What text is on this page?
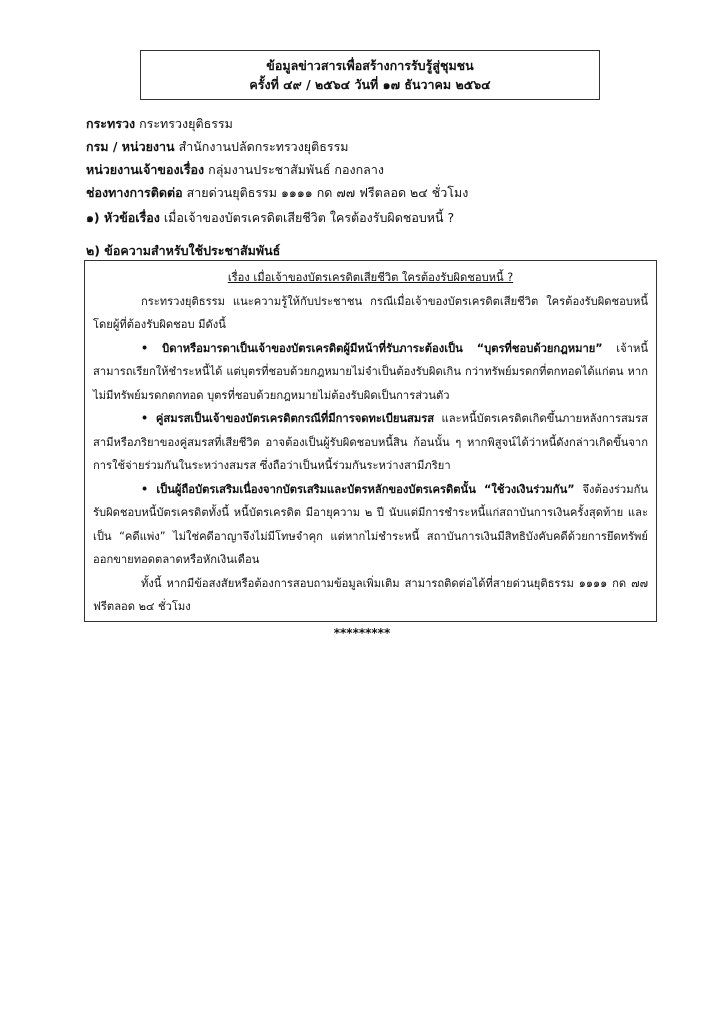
ข้อมูลข่าวสารเพื่อสร้างการรับรู้สู่ชุมชน
ครั้งที่ ๔๙ / ๒๕๖๔ วันที่ ๑๗ ธันวาคม ๒๕๖๔
กระทรวง กระทรวงยุติธรรม
กรม / หน่วยงาน สำนักงานปลัดกระทรวงยุติธรรม
หน่วยงานเจ้าของเรื่อง กลุ่มงานประชาสัมพันธ์ กองกลาง
ช่องทางการติดต่อ สายด่วนยุติธรรม ๑๑๑๑ กด ๗๗ ฟรีตลอด ๒๔ ชั่วโมง
๑) หัวข้อเรื่อง เมื่อเจ้าของบัตรเครดิตเสียชีวิต ใครต้องรับผิดชอบหนี้ ?
๒) ข้อความสำหรับใช้ประชาสัมพันธ์
เรื่อง เมื่อเจ้าของบัตรเครดิตเสียชีวิต ใครต้องรับผิดชอบหนี้ ?

กระทรวงยุติธรรม แนะความรู้ให้กับประชาชน กรณีเมื่อเจ้าของบัตรเครดิตเสียชีวิต ใครต้องรับผิดชอบหนี้ โดยผู้ที่ต้องรับผิดชอบ มีดังนี้

• บิดาหรือมารดาเป็นเจ้าของบัตรเครดิตผู้มีหน้าที่รับภาระต้องเป็น “บุตรที่ชอบด้วยกฎหมาย” เจ้าหนี้สามารถเรียกให้ชำระหนี้ได้ แต่บุตรที่ชอบด้วยกฎหมายไม่จำเป็นต้องรับผิดเกิน กว่าทรัพย์มรดกที่ตกทอดได้แก่ตน หากไม่มีทรัพย์มรดกตกทอด บุตรที่ชอบด้วยกฎหมายไม่ต้องรับผิดเป็นการส่วนตัว

• คู่สมรสเป็นเจ้าของบัตรเครดิตกรณีที่มีการจดทะเบียนสมรส และหนี้บัตรเครดิตเกิดขึ้นภายหลังการสมรส สามีหรือภริยาของคู่สมรสที่เสียชีวิต อาจต้องเป็นผู้รับผิดชอบหนี้สิน ก้อนนั้น ๆ หากพิสูจน์ได้ว่าหนี้ดังกล่าวเกิดขึ้นจากการใช้จ่ายร่วมกันในระหว่างสมรส ซึ่งถือว่าเป็นหนี้ร่วมกันระหว่างสามีภริยา

• เป็นผู้ถือบัตรเสริมเนื่องจากบัตรเสริมและบัตรหลักของบัตรเครดิตนั้น “ใช้วงเงินร่วมกัน” จึงต้องร่วมกันรับผิดชอบหนี้บัตรเครดิตทั้งนี้ หนี้บัตรเครดิต มีอายุความ ๒ ปี นับแต่มีการชำระหนี้แก่สถาบันการเงินครั้งสุดท้าย และเป็น “คดีแพ่ง” ไม่ใช่คดีอาญาจึงไม่มีโทษจำคุก แต่หากไม่ชำระหนี้ สถาบันการเงินมีสิทธิบังคับคดีด้วยการยึดทรัพย์ออกขายทอดตลาดหรือหักเงินเดือน

ทั้งนี้ หากมีข้อสงสัยหรือต้องการสอบถามข้อมูลเพิ่มเติม สามารถติดต่อได้ที่สายด่วนยุติธรรม ๑๑๑๑ กด ๗๗ ฟรีตลอด ๒๔ ชั่วโมง

*********
